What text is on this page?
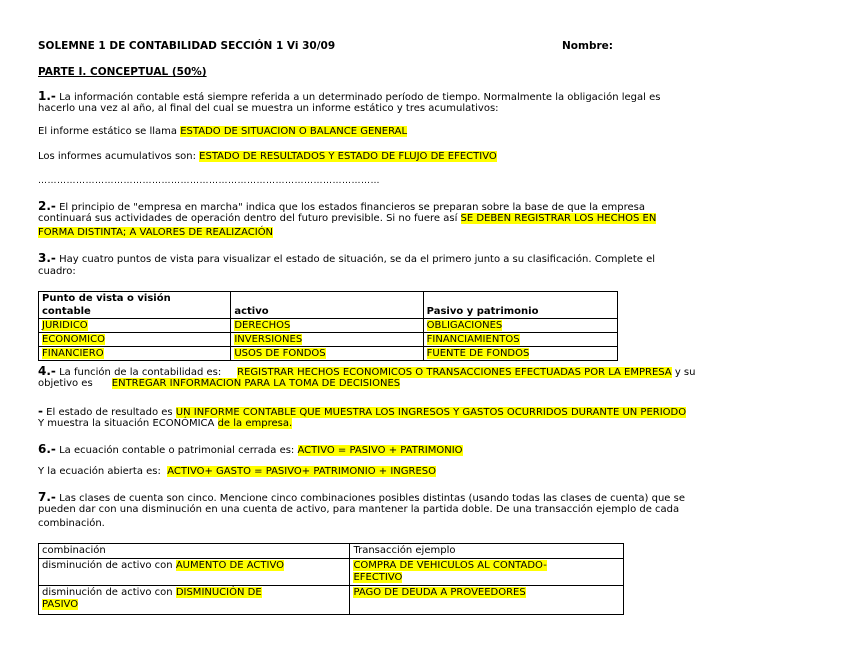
SOLEMNE 1 DE CONTABILIDAD SECCIÓN 1 Vi 30/09	Nombre:
PARTE I. CONCEPTUAL (50%)
1.- La información contable está siempre referida a un determinado período de tiempo. Normalmente la obligación legal es
hacerlo una vez al año, al final del cual se muestra un informe estático y tres acumulativos:
El informe estático se llama ESTADO DE SITUACION O BALANCE GENERAL
Los informes acumulativos son: ESTADO DE RESULTADOS Y ESTADO DE FLUJO DE EFECTIVO
………………………………………………………………………………………………
2.- El principio de "empresa en marcha" indica que los estados financieros se preparan sobre la base de que la empresa
continuará sus actividades de operación dentro del futuro previsible. Si no fuere así SE DEBEN REGISTRAR LOS HECHOS EN
FORMA DISTINTA; A VALORES DE REALIZACIÓN
3.- Hay cuatro puntos de vista para visualizar el estado de situación, se da el primero junto a su clasificación. Complete el
cuadro:
Punto de vista o visión		
contable	activo	Pasivo y patrimonio
JURIDICO	DERECHOS	OBLIGACIONES
ECONOMICO	INVERSIONES	FINANCIAMIENTOS
FINANCIERO	USOS DE FONDOS	FUENTE DE FONDOS
4.- La función de la contabilidad es: REGISTRAR HECHOS ECONOMICOS O TRANSACCIONES EFECTUADAS POR LA EMPRESA y su
objetivo es ENTREGAR INFORMACION PARA LA TOMA DE DECISIONES
- El estado de resultado es UN INFORME CONTABLE QUE MUESTRA LOS INGRESOS Y GASTOS OCURRIDOS DURANTE UN PERIODO
Y muestra la situación ECONÓMICA de la empresa.
6.- La ecuación contable o patrimonial cerrada es: ACTIVO = PASIVO + PATRIMONIO
Y la ecuación abierta es: ACTIVO+ GASTO = PASIVO+ PATRIMONIO + INGRESO
7.- Las clases de cuenta son cinco. Mencione cinco combinaciones posibles distintas (usando todas las clases de cuenta) que se
pueden dar con una disminución en una cuenta de activo, para mantener la partida doble. De una transacción ejemplo de cada
combinación.
combinación	Transacción ejemplo
disminución de activo con AUMENTO DE ACTIVO	COMPRA DE VEHICULOS AL CONTADO-
EFECTIVO
disminución de activo con DISMINUCIÓN DE
PASIVO	PAGO DE DEUDA A PROVEEDORES
